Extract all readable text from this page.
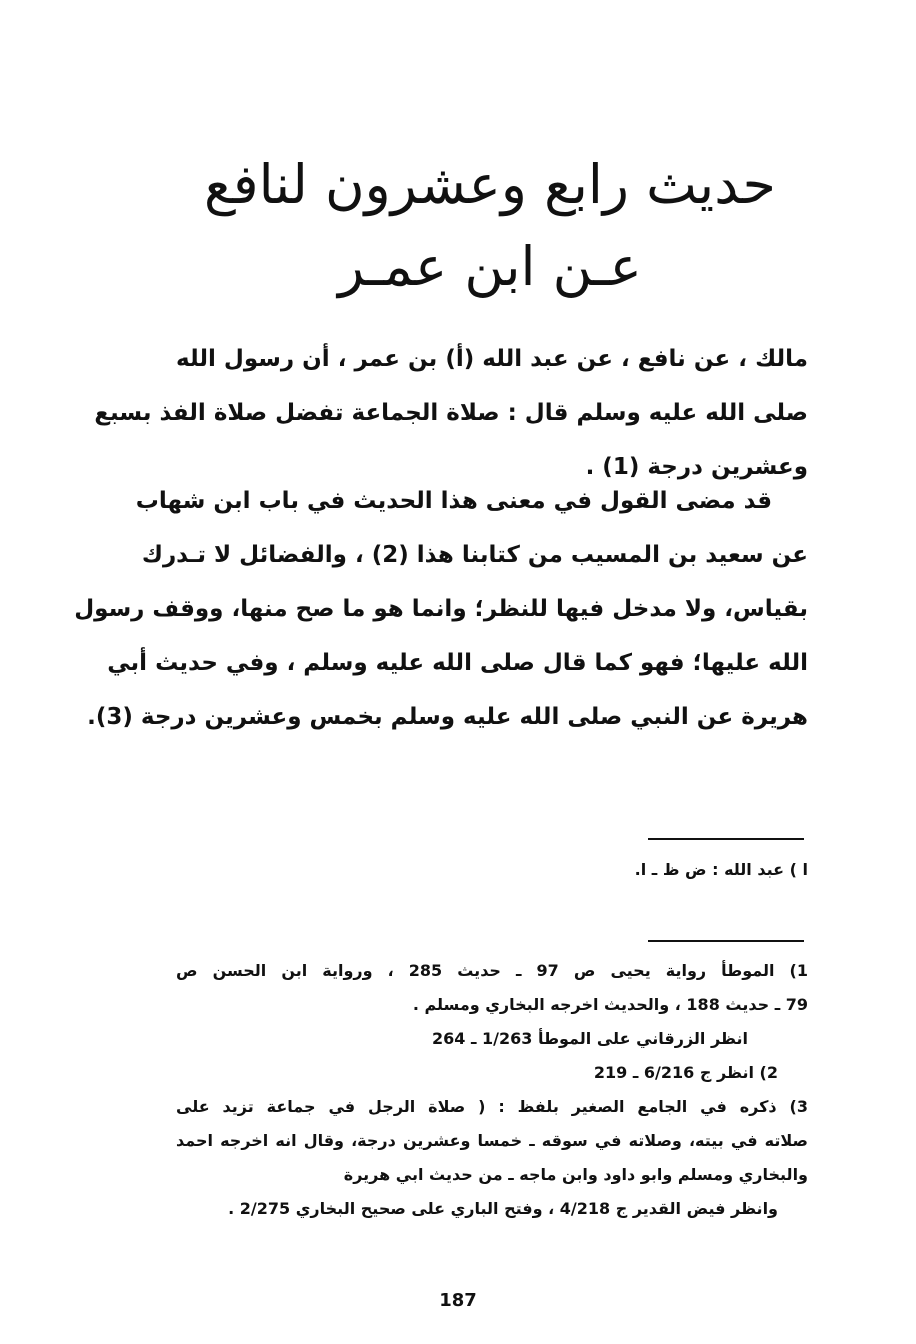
حديث رابع وعشرون لنافع
عـن ابن عمـر
مالك ، عن نافع ، عن عبد الله (أ) بن عمر ، أن رسول الله
صلى الله عليه وسلم قال : صلاة الجماعة تفضل صلاة الفذ بسبع
وعشرين درجة (1) .
قد مضى القول في معنى هذا الحديث في باب ابن شهاب
عن سعيد بن المسيب من كتابنا هذا (2) ، والفضائل لا تـدرك
بقياس، ولا مدخل فيها للنظر؛ وانما هو ما صح منها، ووقف رسول
الله عليها؛ فهو كما قال صلى الله عليه وسلم ، وفي حديث أبي
هريرة عن النبي صلى الله عليه وسلم بخمس وعشرين درجة (3).
ا ) عبد الله : ض ظ ـ ا.
1) الموطأ رواية يحيى ص 97 ـ حديث 285 ، ورواية ابن الحسن ص
79 ـ حديث 188 ، والحديث اخرجه البخاري ومسلم .
انظر الزرقاني على الموطأ 1/263 ـ 264
2) انظر ج 6/216 ـ 219
3) ذكره في الجامع الصغير بلفظ : ( صلاة الرجل في جماعة تزيد على
صلاته في بيته، وصلاته في سوقه ـ خمسا وعشرين درجة، وقال انه اخرجه احمد
والبخاري ومسلم وابو داود وابن ماجه ـ من حديث ابي هريرة
وانظر فيض القدير ج 4/218 ، وفتح الباري على صحيح البخاري 2/275 .
187
